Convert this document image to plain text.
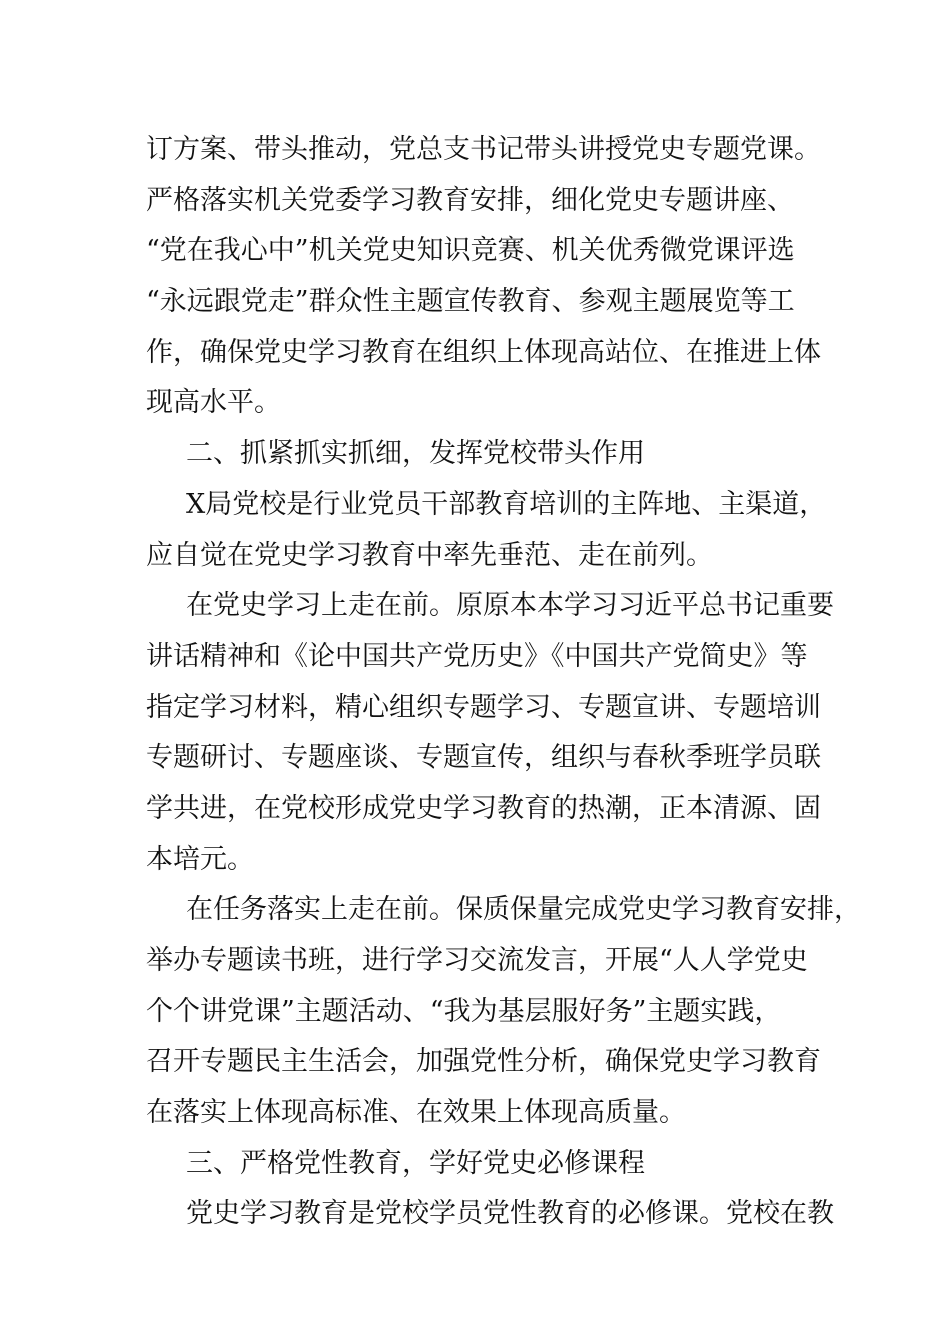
订方案、带头推动，党总支书记带头讲授党史专题党课。
严格落实机关党委学习教育安排，细化党史专题讲座、
“党在我心中”机关党史知识竞赛、机关优秀微党课评选
“永远跟党走”群众性主题宣传教育、参观主题展览等工
作，确保党史学习教育在组织上体现高站位、在推进上体
现高水平。
二、抓紧抓实抓细，发挥党校带头作用
X局党校是行业党员干部教育培训的主阵地、主渠道，
应自觉在党史学习教育中率先垂范、走在前列。
在党史学习上走在前。原原本本学习习近平总书记重要
讲话精神和《论中国共产党历史》《中国共产党简史》等
指定学习材料，精心组织专题学习、专题宣讲、专题培训
专题研讨、专题座谈、专题宣传，组织与春秋季班学员联
学共进，在党校形成党史学习教育的热潮，正本清源、固
本培元。
在任务落实上走在前。保质保量完成党史学习教育安排，
举办专题读书班，进行学习交流发言，开展“人人学党史
个个讲党课”主题活动、“我为基层服好务”主题实践，
召开专题民主生活会，加强党性分析，确保党史学习教育
在落实上体现高标准、在效果上体现高质量。
三、严格党性教育，学好党史必修课程
党史学习教育是党校学员党性教育的必修课。党校在教
